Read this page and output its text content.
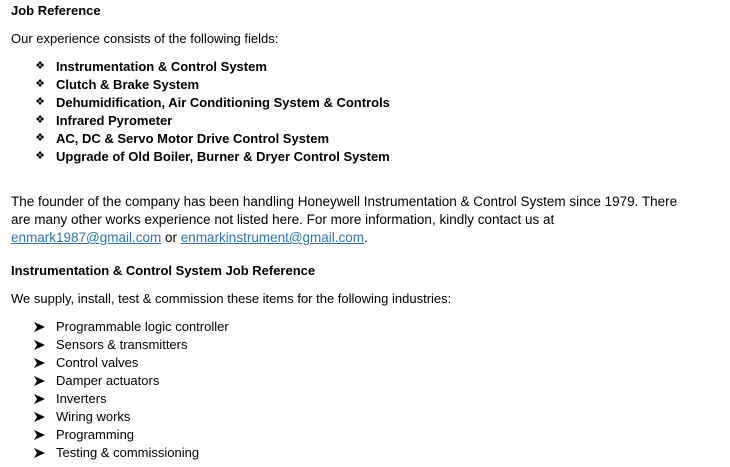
Job Reference
Our experience consists of the following fields:
❖ Instrumentation & Control System
❖ Clutch & Brake System
❖ Dehumidification, Air Conditioning System & Controls
❖ Infrared Pyrometer
❖ AC, DC & Servo Motor Drive Control System
❖ Upgrade of Old Boiler, Burner & Dryer Control System

The founder of the company has been handling Honeywell Instrumentation & Control System since 1979. There

are many other works experience not listed here. For more information, kindly contact us at

enmark1987@gmail.com or enmarkinstrument@gmail.com.

Instrumentation & Control System Job Reference
We supply, install, test & commission these items for the following industries:
Programmable logic controller
Sensors & transmitters
Control valves
Damper actuators
Inverters
Wiring works
Programming
Testing & commissioning
